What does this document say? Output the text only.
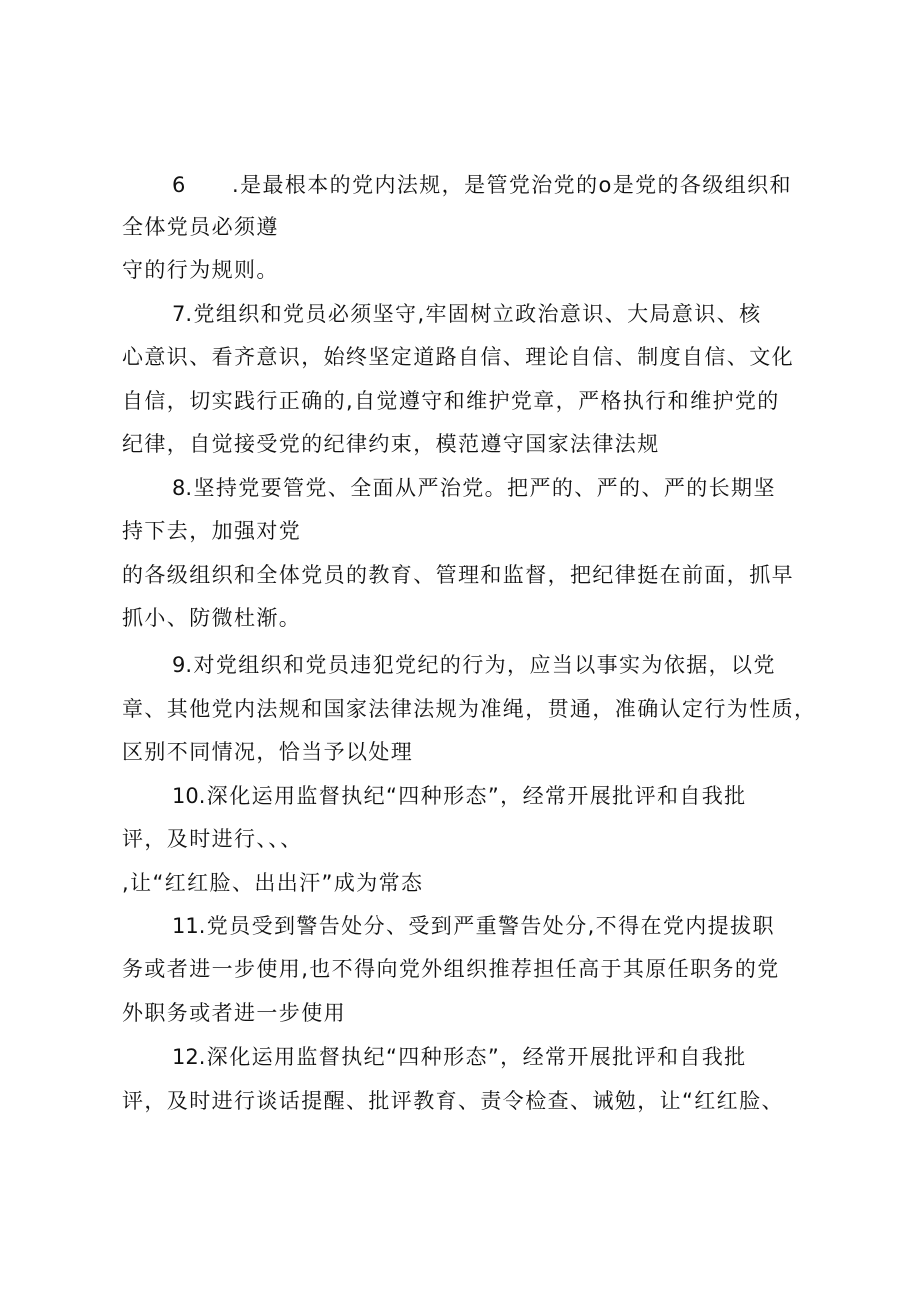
6 .是最根本的党内法规，是管党治党的o是党的各级组织和
全体党员必须遵
守的行为规则。
7.党组织和党员必须坚守,牢固树立政治意识、大局意识、核
心意识、看齐意识，始终坚定道路自信、理论自信、制度自信、文化
自信，切实践行正确的,自觉遵守和维护党章，严格执行和维护党的
纪律，自觉接受党的纪律约束，模范遵守国家法律法规
8.坚持党要管党、全面从严治党。把严的、严的、严的长期坚
持下去，加强对党
的各级组织和全体党员的教育、管理和监督，把纪律挺在前面，抓早
抓小、防微杜渐。
9.对党组织和党员违犯党纪的行为，应当以事实为依据，以党
章、其他党内法规和国家法律法规为准绳，贯通，准确认定行为性质，
区别不同情况，恰当予以处理
10.深化运用监督执纪“四种形态”，经常开展批评和自我批
评，及时进行、、、
,让“红红脸、出出汗”成为常态
11.党员受到警告处分、受到严重警告处分,不得在党内提拔职
务或者进一步使用,也不得向党外组织推荐担任高于其原任职务的党
外职务或者进一步使用
12.深化运用监督执纪“四种形态”，经常开展批评和自我批
评，及时进行谈话提醒、批评教育、责令检查、诫勉，让“红红脸、
